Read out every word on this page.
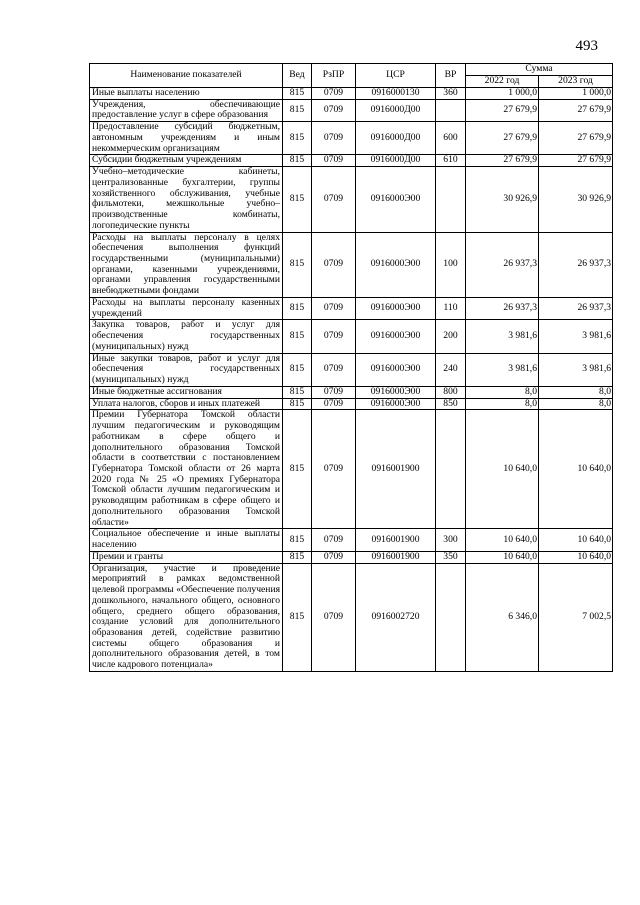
493
Наименование показателей	Вед	РзПР	ЦСР	ВР	Сумма	
					2022 год	2023 год
Иные выплаты населению	815	0709	0916000130	360	1 000,0	1 000,0
Учреждения, обеспечивающие предоставление услуг в сфере образования	815	0709	0916000Д00		27 679,9	27 679,9
Предоставление субсидий бюджетным, автономным учреждениям и иным некоммерческим организациям	815	0709	0916000Д00	600	27 679,9	27 679,9
Субсидии бюджетным учреждениям	815	0709	0916000Д00	610	27 679,9	27 679,9
Учебно–методические кабинеты, централизованные бухгалтерии, группы хозяйственного обслуживания, учебные фильмотеки, межшкольные учебно–производственные комбинаты, логопедические пункты	815	0709	0916000Э00		30 926,9	30 926,9
Расходы на выплаты персоналу в целях обеспечения выполнения функций государственными (муниципальными) органами, казенными учреждениями, органами управления государственными внебюджетными фондами	815	0709	0916000Э00	100	26 937,3	26 937,3
Расходы на выплаты персоналу казенных учреждений	815	0709	0916000Э00	110	26 937,3	26 937,3
Закупка товаров, работ и услуг для обеспечения государственных (муниципальных) нужд	815	0709	0916000Э00	200	3 981,6	3 981,6
Иные закупки товаров, работ и услуг для обеспечения государственных (муниципальных) нужд	815	0709	0916000Э00	240	3 981,6	3 981,6
Иные бюджетные ассигнования	815	0709	0916000Э00	800	8,0	8,0
Уплата налогов, сборов и иных платежей	815	0709	0916000Э00	850	8,0	8,0
Премии Губернатора Томской области лучшим педагогическим и руководящим работникам в сфере общего и дополнительного образования Томской области в соответствии с постановлением Губернатора Томской области от 26 марта 2020 года № 25 «О премиях Губернатора Томской области лучшим педагогическим и руководящим работникам в сфере общего и дополнительного образования Томской области»	815	0709	0916001900		10 640,0	10 640,0
Социальное обеспечение и иные выплаты населению	815	0709	0916001900	300	10 640,0	10 640,0
Премии и гранты	815	0709	0916001900	350	10 640,0	10 640,0
Организация, участие и проведение мероприятий в рамках ведомственной целевой программы «Обеспечение получения дошкольного, начального общего, основного общего, среднего общего образования, создание условий для дополнительного образования детей, содействие развитию системы общего образования и дополнительного образования детей, в том числе кадрового потенциала»	815	0709	0916002720		6 346,0	7 002,5
